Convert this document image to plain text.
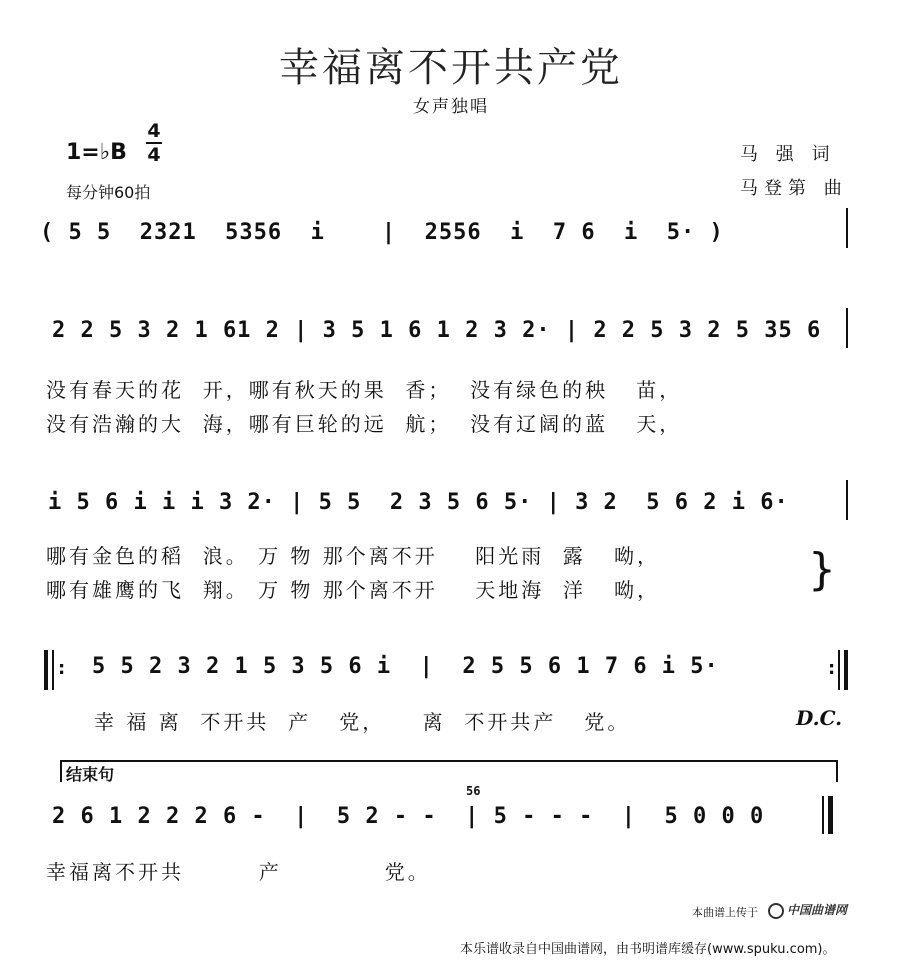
幸福离不开共产党
女声独唱
1=♭B
4
4
每分钟60拍
马 强 词
马登第 曲
( 5 5  2321  5356  i    |  2556  i  7 6  i  5· )
2 2 5 3 2 1 61 2 | 3 5 1 6 1 2 3 2· | 2 2 5 3 2 5 35 6
没有春天的花  开，哪有秋天的果  香；  没有绿色的秧   苗，
没有浩瀚的大  海，哪有巨轮的远  航；  没有辽阔的蓝   天，
i 5 6 i i i 3 2· | 5 5  2 3 5 6 5· | 3 2  5 6 2 i 6·
哪有金色的稻  浪。 万 物 那个离不开    阳光雨  露   呦，
哪有雄鹰的飞  翔。 万 物 那个离不开    天地海  洋   呦，	}
: 5 5 2 3 2 1 5 3 5 6 i  |  2 5 5 6 1 7 6 i 5·	:
幸 福 离  不开共  产   党，    离  不开共产   党。	D.C.
结束句
2 6 1 2 2 2 6 -  |  5 2 - -  | 5 - - -  |  5 0 0 0
56
幸福离不开共        产           党。
本曲谱上传于	中国曲谱网
本乐谱收录自中国曲谱网，由书明谱库缓存(www.spuku.com)。
